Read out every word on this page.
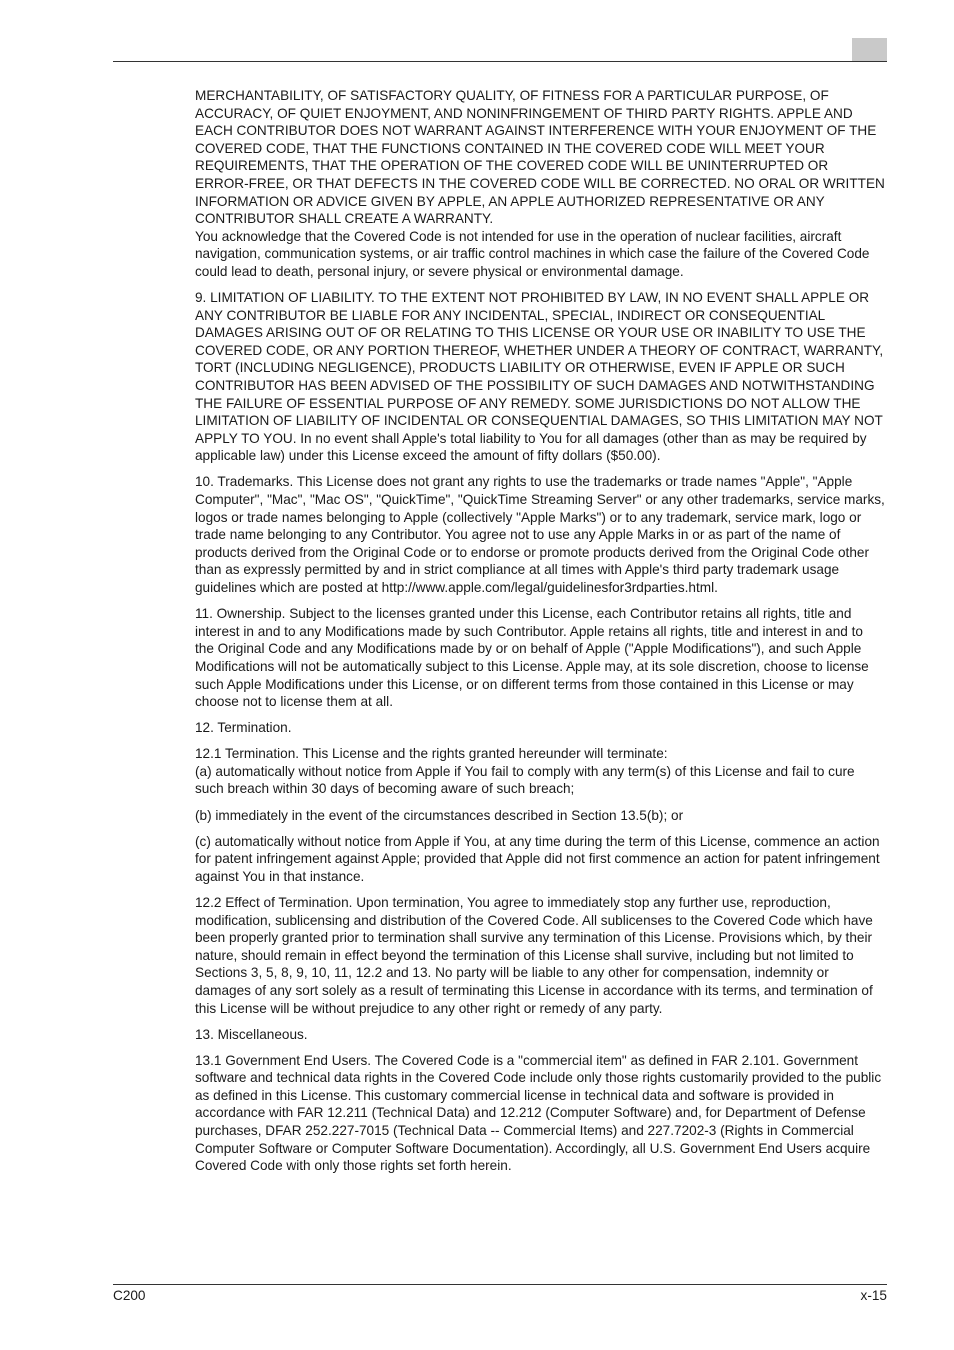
MERCHANTABILITY, OF SATISFACTORY QUALITY, OF FITNESS FOR A PARTICULAR PURPOSE, OF ACCURACY, OF QUIET ENJOYMENT, AND NONINFRINGEMENT OF THIRD PARTY RIGHTS. APPLE AND EACH CONTRIBUTOR DOES NOT WARRANT AGAINST INTERFERENCE WITH YOUR ENJOYMENT OF THE COVERED CODE, THAT THE FUNCTIONS CONTAINED IN THE COVERED CODE WILL MEET YOUR REQUIREMENTS, THAT THE OPERATION OF THE COVERED CODE WILL BE UNINTERRUPTED OR ERROR-FREE, OR THAT DEFECTS IN THE COVERED CODE WILL BE CORRECTED. NO ORAL OR WRITTEN INFORMATION OR ADVICE GIVEN BY APPLE, AN APPLE AUTHORIZED REPRESENTATIVE OR ANY CONTRIBUTOR SHALL CREATE A WARRANTY.

You acknowledge that the Covered Code is not intended for use in the operation of nuclear facilities, aircraft navigation, communication systems, or air traffic control machines in which case the failure of the Covered Code could lead to death, personal injury, or severe physical or environmental damage.

9. LIMITATION OF LIABILITY. TO THE EXTENT NOT PROHIBITED BY LAW, IN NO EVENT SHALL APPLE OR ANY CONTRIBUTOR BE LIABLE FOR ANY INCIDENTAL, SPECIAL, INDIRECT OR CONSEQUENTIAL DAMAGES ARISING OUT OF OR RELATING TO THIS LICENSE OR YOUR USE OR INABILITY TO USE THE COVERED CODE, OR ANY PORTION THEREOF, WHETHER UNDER A THEORY OF CONTRACT, WARRANTY, TORT (INCLUDING NEGLIGENCE), PRODUCTS LIABILITY OR OTHERWISE, EVEN IF APPLE OR SUCH CONTRIBUTOR HAS BEEN ADVISED OF THE POSSIBILITY OF SUCH DAMAGES AND NOTWITHSTANDING THE FAILURE OF ESSENTIAL PURPOSE OF ANY REMEDY. SOME JURISDICTIONS DO NOT ALLOW THE LIMITATION OF LIABILITY OF INCIDENTAL OR CONSEQUENTIAL DAMAGES, SO THIS LIMITATION MAY NOT APPLY TO YOU. In no event shall Apple's total liability to You for all damages (other than as may be required by applicable law) under this License exceed the amount of fifty dollars ($50.00).

10. Trademarks. This License does not grant any rights to use the trademarks or trade names "Apple", "Apple Computer", "Mac", "Mac OS", "QuickTime", "QuickTime Streaming Server" or any other trademarks, service marks, logos or trade names belonging to Apple (collectively "Apple Marks") or to any trademark, service mark, logo or trade name belonging to any Contributor. You agree not to use any Apple Marks in or as part of the name of products derived from the Original Code or to endorse or promote products derived from the Original Code other than as expressly permitted by and in strict compliance at all times with Apple's third party trademark usage guidelines which are posted at http://www.apple.com/legal/guidelinesfor3rdparties.html.

11. Ownership. Subject to the licenses granted under this License, each Contributor retains all rights, title and interest in and to any Modifications made by such Contributor. Apple retains all rights, title and interest in and to the Original Code and any Modifications made by or on behalf of Apple ("Apple Modifications"), and such Apple Modifications will not be automatically subject to this License. Apple may, at its sole discretion, choose to license such Apple Modifications under this License, or on different terms from those contained in this License or may choose not to license them at all.

12. Termination.

12.1 Termination. This License and the rights granted hereunder will terminate:

(a) automatically without notice from Apple if You fail to comply with any term(s) of this License and fail to cure such breach within 30 days of becoming aware of such breach;

(b) immediately in the event of the circumstances described in Section 13.5(b); or

(c) automatically without notice from Apple if You, at any time during the term of this License, commence an action for patent infringement against Apple; provided that Apple did not first commence an action for patent infringement against You in that instance.

12.2 Effect of Termination. Upon termination, You agree to immediately stop any further use, reproduction, modification, sublicensing and distribution of the Covered Code. All sublicenses to the Covered Code which have been properly granted prior to termination shall survive any termination of this License. Provisions which, by their nature, should remain in effect beyond the termination of this License shall survive, including but not limited to Sections 3, 5, 8, 9, 10, 11, 12.2 and 13. No party will be liable to any other for compensation, indemnity or damages of any sort solely as a result of terminating this License in accordance with its terms, and termination of this License will be without prejudice to any other right or remedy of any party.

13. Miscellaneous.

13.1 Government End Users. The Covered Code is a "commercial item" as defined in FAR 2.101. Government software and technical data rights in the Covered Code include only those rights customarily provided to the public as defined in this License. This customary commercial license in technical data and software is provided in accordance with FAR 12.211 (Technical Data) and 12.212 (Computer Software) and, for Department of Defense purchases, DFAR 252.227-7015 (Technical Data -- Commercial Items) and 227.7202-3 (Rights in Commercial Computer Software or Computer Software Documentation). Accordingly, all U.S. Government End Users acquire Covered Code with only those rights set forth herein.

C200	x-15
